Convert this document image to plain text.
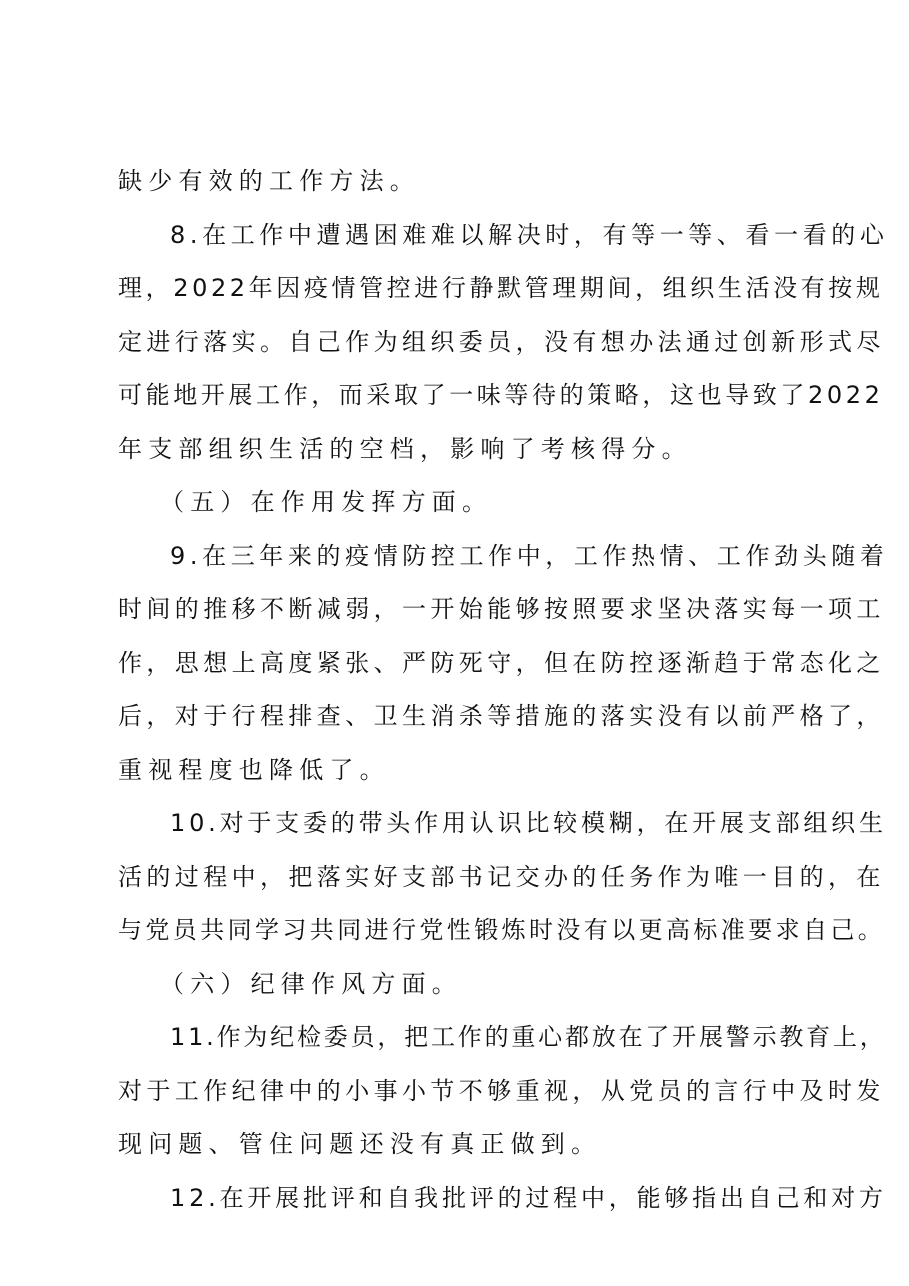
缺少有效的工作方法。
8.在工作中遭遇困难难以解决时，有等一等、看一看的心
理，2022年因疫情管控进行静默管理期间，组织生活没有按规
定进行落实。自己作为组织委员，没有想办法通过创新形式尽
可能地开展工作，而采取了一味等待的策略，这也导致了2022
年支部组织生活的空档，影响了考核得分。
（五）在作用发挥方面。
9.在三年来的疫情防控工作中，工作热情、工作劲头随着
时间的推移不断减弱，一开始能够按照要求坚决落实每一项工
作，思想上高度紧张、严防死守，但在防控逐渐趋于常态化之
后，对于行程排查、卫生消杀等措施的落实没有以前严格了，
重视程度也降低了。
10.对于支委的带头作用认识比较模糊，在开展支部组织生
活的过程中，把落实好支部书记交办的任务作为唯一目的，在
与党员共同学习共同进行党性锻炼时没有以更高标准要求自己。
（六）纪律作风方面。
11.作为纪检委员，把工作的重心都放在了开展警示教育上，
对于工作纪律中的小事小节不够重视，从党员的言行中及时发
现问题、管住问题还没有真正做到。
12.在开展批评和自我批评的过程中，能够指出自己和对方
